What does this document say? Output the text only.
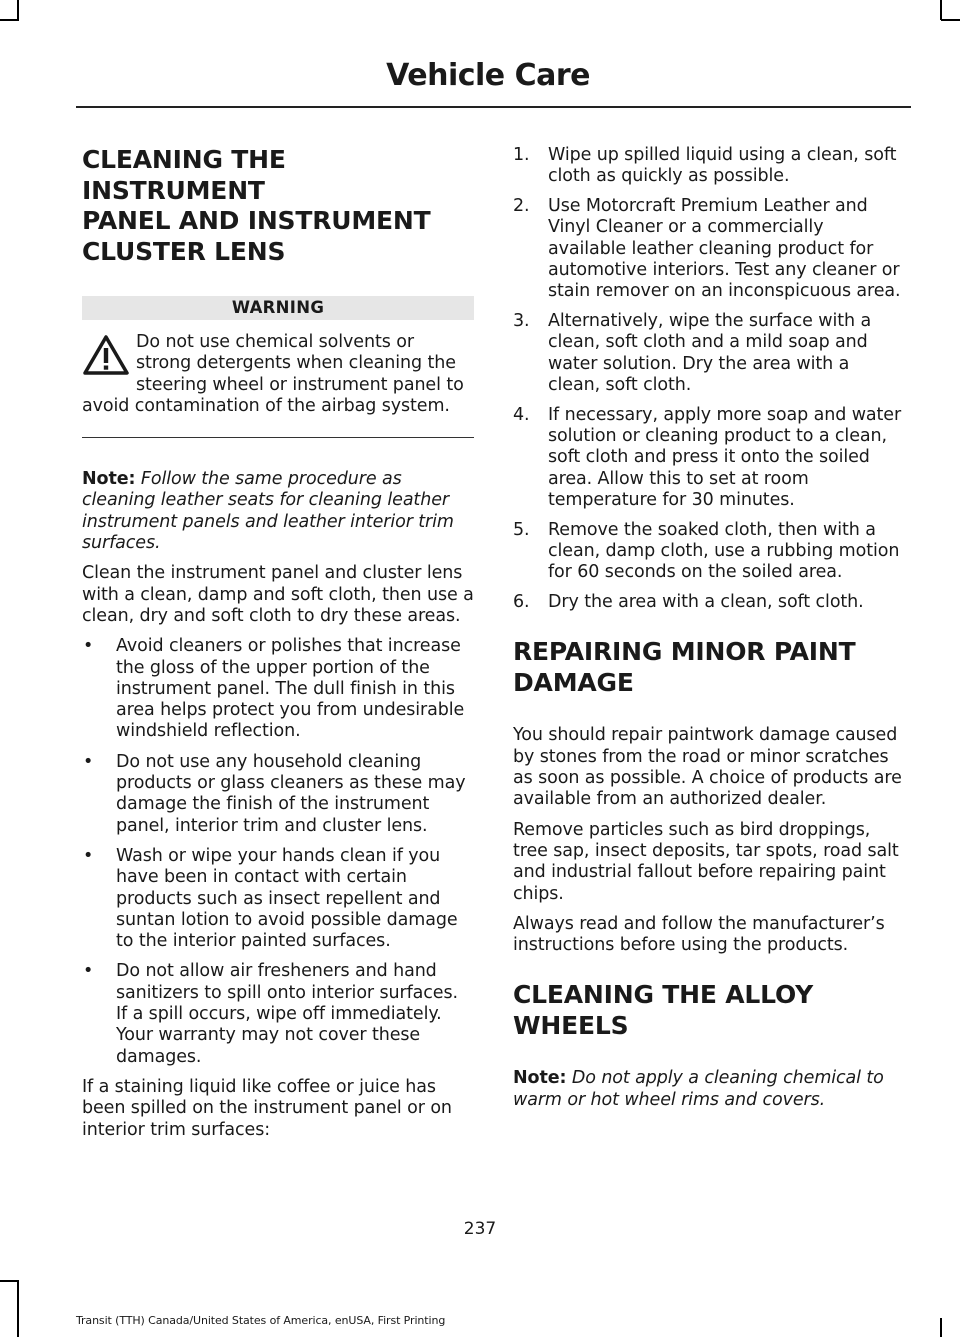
Vehicle Care
CLEANING THE INSTRUMENT
PANEL AND INSTRUMENT
CLUSTER LENS
WARNING

Do not use chemical solvents or strong detergents when cleaning the steering wheel or instrument panel to avoid contamination of the airbag system.

Note: Follow the same procedure as cleaning leather seats for cleaning leather instrument panels and leather interior trim surfaces.

Clean the instrument panel and cluster lens with a clean, damp and soft cloth, then use a clean, dry and soft cloth to dry these areas.

• Avoid cleaners or polishes that increase the gloss of the upper portion of the instrument panel. The dull finish in this area helps protect you from undesirable windshield reflection.
• Do not use any household cleaning products or glass cleaners as these may damage the finish of the instrument panel, interior trim and cluster lens.
• Wash or wipe your hands clean if you have been in contact with certain products such as insect repellent and suntan lotion to avoid possible damage to the interior painted surfaces.
• Do not allow air fresheners and hand sanitizers to spill onto interior surfaces. If a spill occurs, wipe off immediately. Your warranty may not cover these damages.

If a staining liquid like coffee or juice has been spilled on the instrument panel or on interior trim surfaces:

1. Wipe up spilled liquid using a clean, soft cloth as quickly as possible.
2. Use Motorcraft Premium Leather and Vinyl Cleaner or a commercially available leather cleaning product for automotive interiors. Test any cleaner or stain remover on an inconspicuous area.
3. Alternatively, wipe the surface with a clean, soft cloth and a mild soap and water solution. Dry the area with a clean, soft cloth.
4. If necessary, apply more soap and water solution or cleaning product to a clean, soft cloth and press it onto the soiled area. Allow this to set at room temperature for 30 minutes.
5. Remove the soaked cloth, then with a clean, damp cloth, use a rubbing motion for 60 seconds on the soiled area.
6. Dry the area with a clean, soft cloth.
REPAIRING MINOR PAINT
DAMAGE

You should repair paintwork damage caused by stones from the road or minor scratches as soon as possible. A choice of products are available from an authorized dealer.

Remove particles such as bird droppings, tree sap, insect deposits, tar spots, road salt and industrial fallout before repairing paint chips.

Always read and follow the manufacturer’s instructions before using the products.

CLEANING THE ALLOY
WHEELS

Note: Do not apply a cleaning chemical to warm or hot wheel rims and covers.

237

Transit (TTH) Canada/United States of America, enUSA, First Printing
